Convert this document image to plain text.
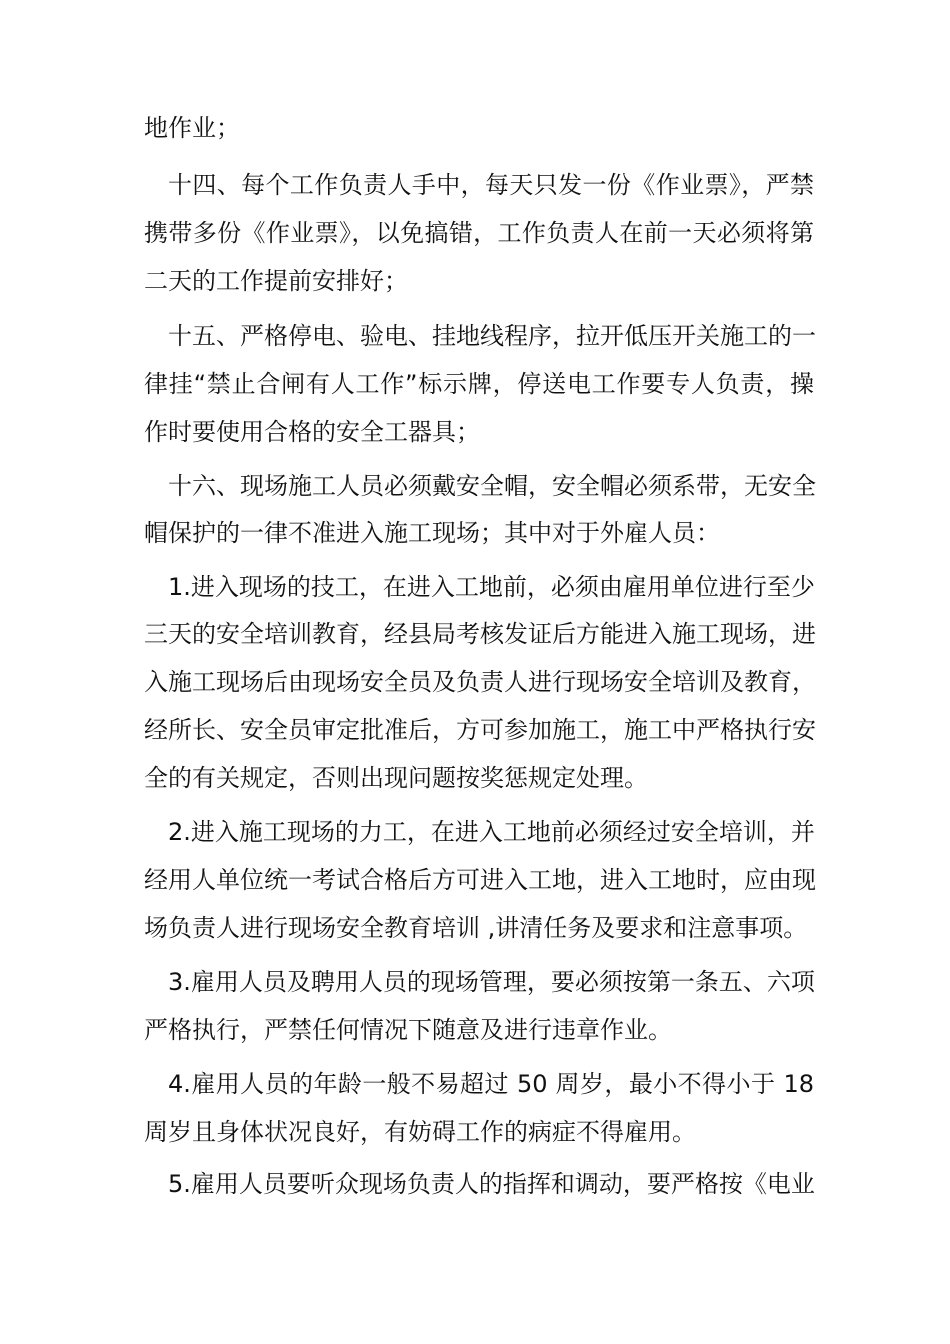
地作业；
十四、每个工作负责人手中，每天只发一份《作业票》，严禁
携带多份《作业票》，以免搞错，工作负责人在前一天必须将第
二天的工作提前安排好；
十五、严格停电、验电、挂地线程序，拉开低压开关施工的一
律挂“禁止合闸有人工作”标示牌，停送电工作要专人负责，操
作时要使用合格的安全工器具；
十六、现场施工人员必须戴安全帽，安全帽必须系带，无安全
帽保护的一律不准进入施工现场；其中对于外雇人员：
1.进入现场的技工，在进入工地前，必须由雇用单位进行至少
三天的安全培训教育，经县局考核发证后方能进入施工现场，进
入施工现场后由现场安全员及负责人进行现场安全培训及教育，
经所长、安全员审定批准后，方可参加施工，施工中严格执行安
全的有关规定，否则出现问题按奖惩规定处理。
2.进入施工现场的力工，在进入工地前必须经过安全培训，并
经用人单位统一考试合格后方可进入工地，进入工地时，应由现
场负责人进行现场安全教育培训 ,讲清任务及要求和注意事项。
3.雇用人员及聘用人员的现场管理，要必须按第一条五、六项
严格执行，严禁任何情况下随意及进行违章作业。
4.雇用人员的年龄一般不易超过 50 周岁，最小不得小于 18
周岁且身体状况良好，有妨碍工作的病症不得雇用。
5.雇用人员要听众现场负责人的指挥和调动，要严格按《电业
